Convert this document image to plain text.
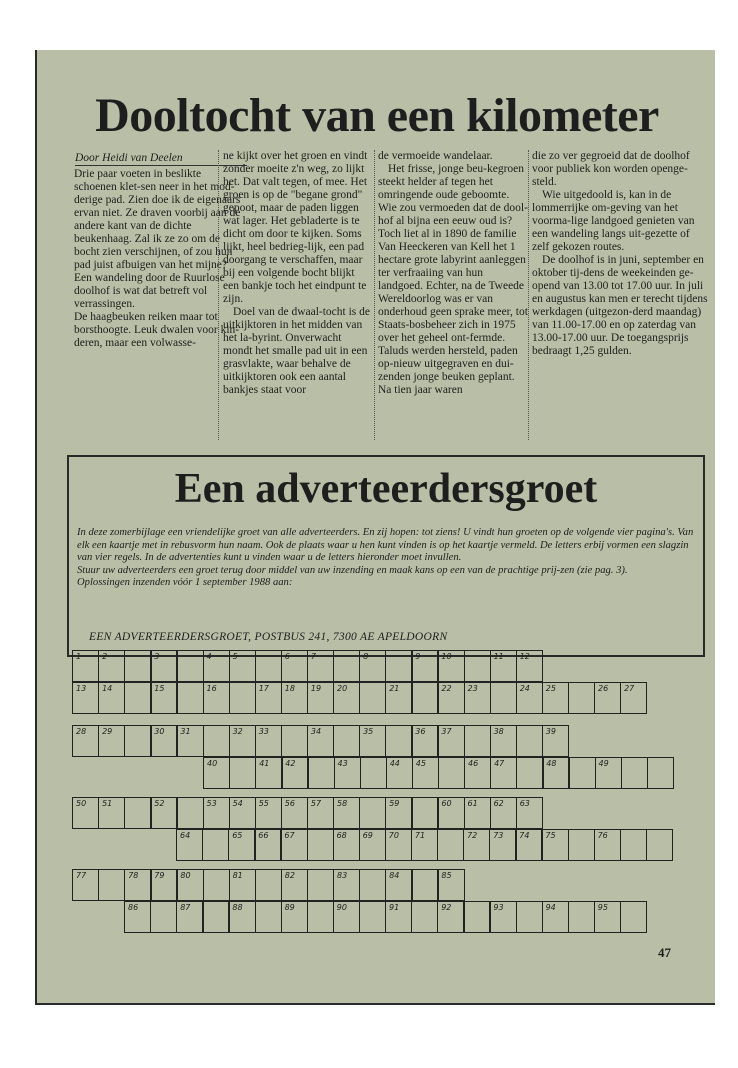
Dooltocht van een kilometer
Door Heidi van Deelen

Drie paar voeten in beslikte schoenen klet-sen neer in het mod-derige pad. Zien doe ik de eigenaars ervan niet. Ze draven voorbij aan de andere kant van de dichte beukenhaag. Zal ik ze zo om de bocht zien verschijnen, of zou hun pad juist afbuigen van het mijne? Een wandeling door de Ruurlose doolhof is wat dat betreft vol verrassingen.

De haagbeuken reiken maar tot borsthoogte. Leuk dwalen voor kin-deren, maar een volwasse-

ne kijkt over het groen en vindt zonder moeite z'n weg, zo lijkt het. Dat valt tegen, of mee. Het groen is op de "begane grond" gepoot, maar de paden liggen wat lager. Het gebladerte is te dicht om door te kijken. Soms lijkt, heel bedrieg-lijk, een pad doorgang te verschaffen, maar bij een volgende bocht blijkt een bankje toch het eindpunt te zijn.

Doel van de dwaal-tocht is de uitkijktoren in het midden van het la-byrint. Onverwacht mondt het smalle pad uit in een grasvlakte, waar behalve de uitkijktoren ook een aantal bankjes staat voor

de vermoeide wandelaar.

Het frisse, jonge beu-kegroen steekt helder af tegen het omringende oude geboomte. Wie zou vermoeden dat de dool-hof al bijna een eeuw oud is? Toch liet al in 1890 de familie Van Heeckeren van Kell het 1 hectare grote labyrint aanleggen ter verfraaiing van hun landgoed. Echter, na de Tweede Wereldoorlog was er van onderhoud geen sprake meer, tot Staats-bosbeheer zich in 1975 over het geheel ont-fermde. Taluds werden hersteld, paden op-nieuw uitgegraven en dui-zenden jonge beuken geplant. Na tien jaar waren

die zo ver gegroeid dat de doolhof voor publiek kon worden openge-steld.

Wie uitgedoold is, kan in de lommerrijke om-geving van het voorma-lige landgoed genieten van een wandeling langs uit-gezette of zelf gekozen routes.

De doolhof is in juni, september en oktober tij-dens de weekeinden ge-opend van 13.00 tot 17.00 uur. In juli en augustus kan men er terecht tijdens werkdagen (uitgezon-derd maandag) van 11.00-17.00 en op zaterdag van 13.00-17.00 uur. De toegangsprijs bedraagt 1,25 gulden.

Een adverteerdersgroet

In deze zomerbijlage een vriendelijke groet van alle adverteerders. En zij hopen: tot ziens! U vindt hun groeten op de volgende vier pagina's. Van elk een kaartje met in rebusvorm hun naam. Ook de plaats waar u hen kunt vinden is op het kaartje vermeld. De letters erbij vormen een slagzin van vier regels. In de advertenties kunt u vinden waar u de letters hieronder moet invullen.

Stuur uw adverteerders een groet terug door middel van uw inzending en maak kans op een van de prachtige prij-zen (zie pag. 3).

Oplossingen inzenden vóór 1 september 1988 aan:

EEN ADVERTEERDERSGROET, POSTBUS 241, 7300 AE APELDOORN
1	2	3	4	5	6	7	8	9	10	11 12
13 14	15	16	17 18 19 20	21	22 23	24 25	26 27
28 29	30 31	32 33	34	35	36 37	38	39
40	41 42	43	44 45	46 47	48	49
50 51	52	53 54 55 56 57 58	59	60 61 62 63
64	65 66 67	68 69 70 71	72 73 74 75	76
77	78 79 80	81	82	83	84	85
86	87	88	89	90	91	92	93	94	95
47
